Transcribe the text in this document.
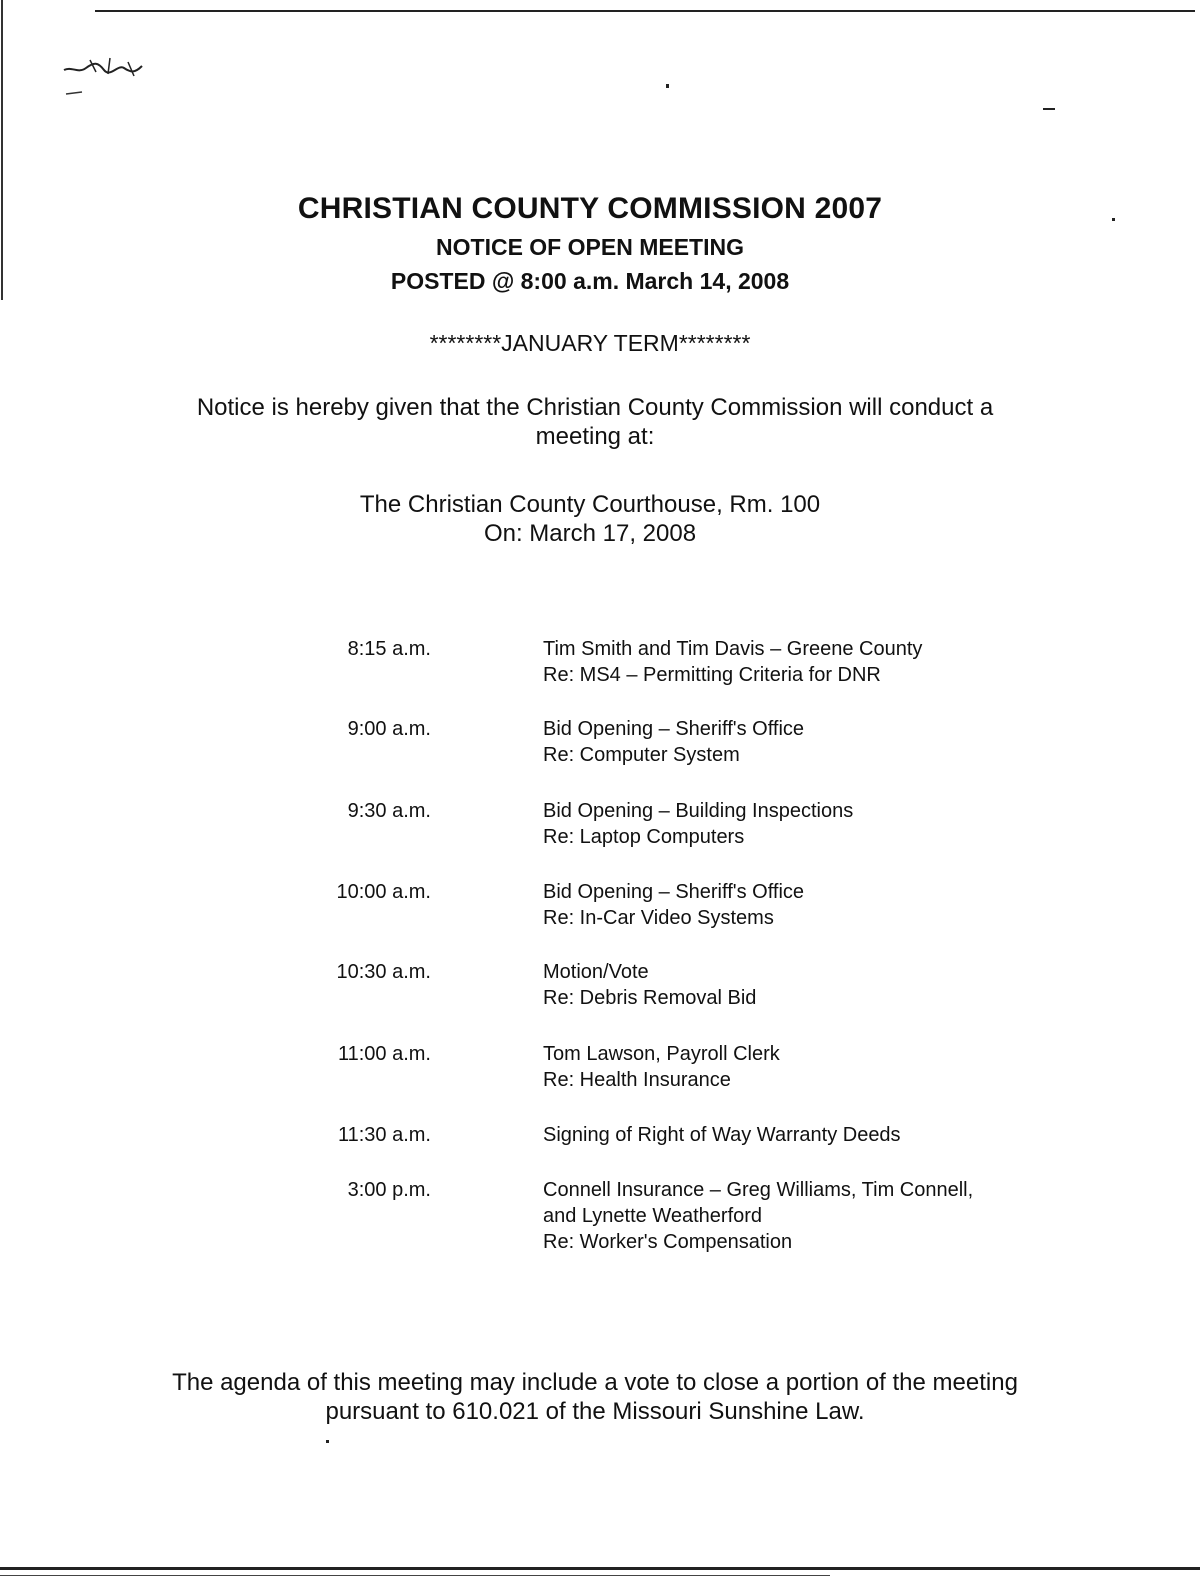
CHRISTIAN COUNTY COMMISSION 2007
NOTICE OF OPEN MEETING
POSTED @ 8:00 a.m. March 14, 2008
********JANUARY TERM********
Notice is hereby given that the Christian County Commission will conduct a
meeting at:
The Christian County Courthouse, Rm. 100
On: March 17, 2008
8:15 a.m.	Tim Smith and Tim Davis – Greene County
Re: MS4 – Permitting Criteria for DNR
9:00 a.m.	Bid Opening – Sheriff's Office
Re: Computer System
9:30 a.m.	Bid Opening – Building Inspections
Re: Laptop Computers
10:00 a.m.	Bid Opening – Sheriff's Office
Re: In-Car Video Systems
10:30 a.m.	Motion/Vote
Re: Debris Removal Bid
11:00 a.m.	Tom Lawson, Payroll Clerk
Re: Health Insurance
11:30 a.m.	Signing of Right of Way Warranty Deeds
3:00 p.m.	Connell Insurance – Greg Williams, Tim Connell,
and Lynette Weatherford
Re: Worker's Compensation
The agenda of this meeting may include a vote to close a portion of the meeting
pursuant to 610.021 of the Missouri Sunshine Law.
